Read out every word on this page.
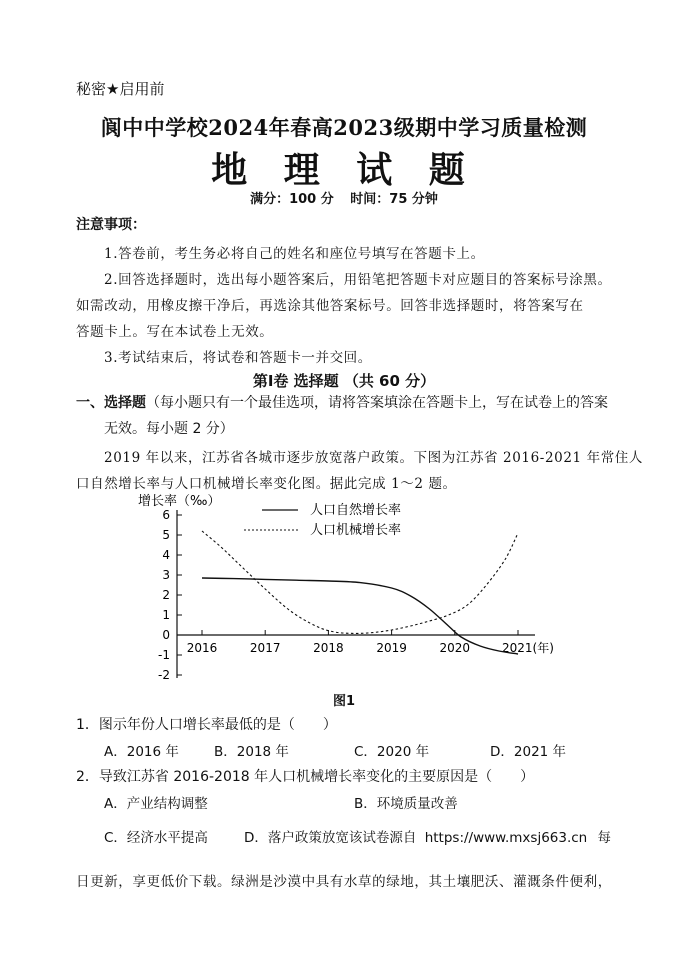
秘密★启用前
阆中中学校2024年春高2023级期中学习质量检测
地 理 试 题
满分：100 分 时间：75 分钟
注意事项：
1.答卷前，考生务必将自己的姓名和座位号填写在答题卡上。
2.回答选择题时，选出每小题答案后，用铅笔把答题卡对应题目的答案标号涂黑。
如需改动，用橡皮擦干净后，再选涂其他答案标号。回答非选择题时，将答案写在
答题卡上。写在本试卷上无效。
3.考试结束后，将试卷和答题卡一并交回。
第Ⅰ卷 选择题 （共 60 分）
一、选择题（每小题只有一个最佳选项，请将答案填涂在答题卡上，写在试卷上的答案
无效。每小题 2 分）
2019 年以来，江苏省各城市逐步放宽落户政策。下图为江苏省 2016-2021 年常住人
口自然增长率与人口机械增长率变化图。据此完成 1～2 题。
增长率（‰）
6
5
4
3
2
1
0
-1
-2
2016	2017	2018	2019	2020	2021(年)
人口自然增长率
人口机械增长率
图1
1．图示年份人口增长率最低的是（　　）
A．2016 年	B．2018 年	C．2020 年	D．2021 年
2．导致江苏省 2016-2018 年人口机械增长率变化的主要原因是（　　）
A．产业结构调整	B．环境质量改善
C．经济水平提高	D．落户政策放宽该试卷源自 https://www.mxsj663.cn 每
日更新，享更低价下载。绿洲是沙漠中具有水草的绿地，其土壤肥沃、灌溉条件便利，
